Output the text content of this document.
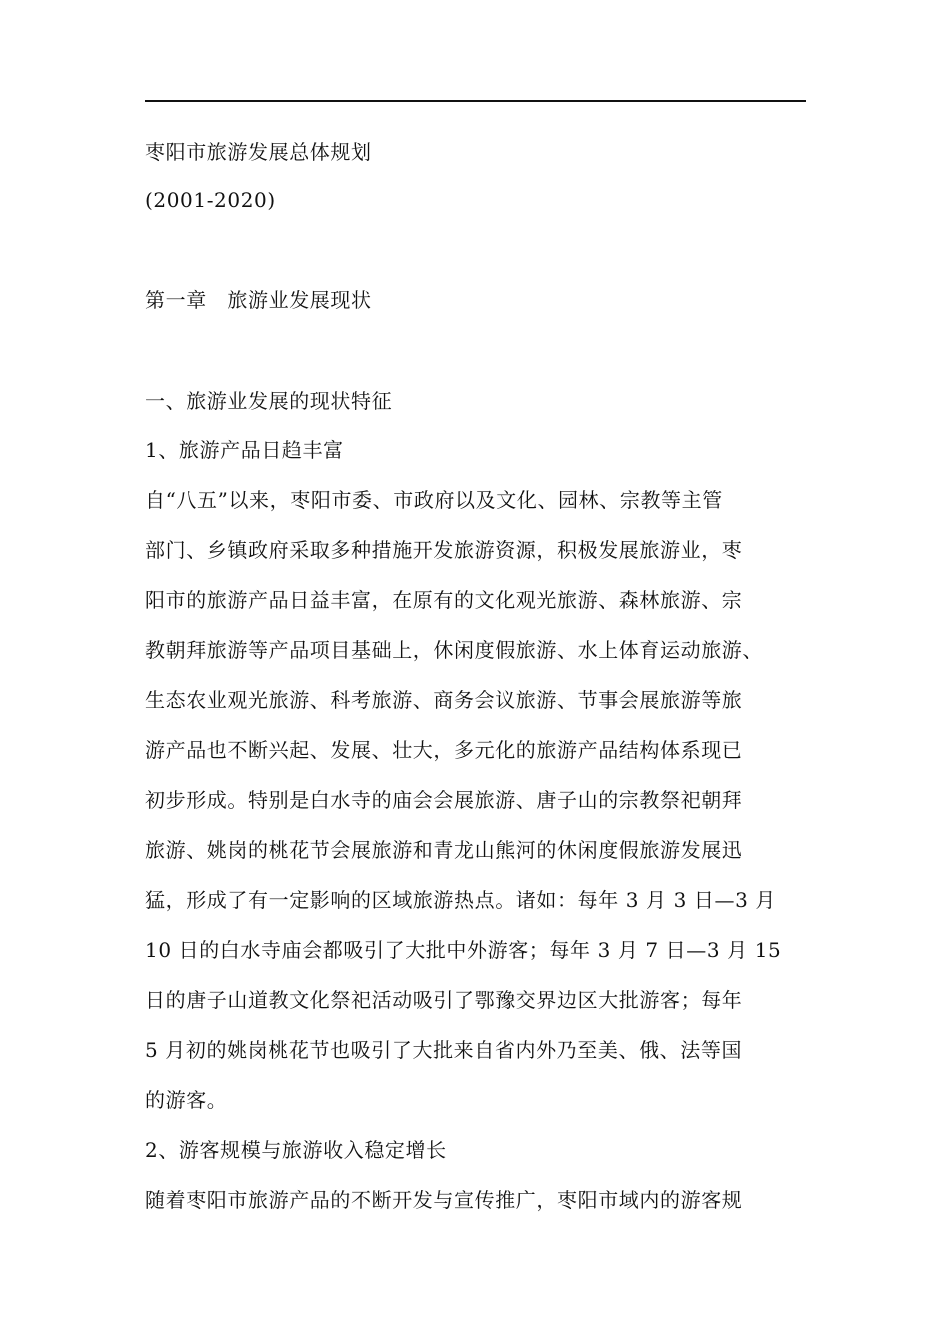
枣阳市旅游发展总体规划
(2001-2020)
第一章　旅游业发展现状
一、旅游业发展的现状特征
1、旅游产品日趋丰富
自“八五”以来，枣阳市委、市政府以及文化、园林、宗教等主管
部门、乡镇政府采取多种措施开发旅游资源，积极发展旅游业，枣
阳市的旅游产品日益丰富，在原有的文化观光旅游、森林旅游、宗
教朝拜旅游等产品项目基础上，休闲度假旅游、水上体育运动旅游、
生态农业观光旅游、科考旅游、商务会议旅游、节事会展旅游等旅
游产品也不断兴起、发展、壮大，多元化的旅游产品结构体系现已
初步形成。特别是白水寺的庙会会展旅游、唐子山的宗教祭祀朝拜
旅游、姚岗的桃花节会展旅游和青龙山熊河的休闲度假旅游发展迅
猛，形成了有一定影响的区域旅游热点。诸如：每年 3 月 3 日—3 月
10 日的白水寺庙会都吸引了大批中外游客；每年 3 月 7 日—3 月 15
日的唐子山道教文化祭祀活动吸引了鄂豫交界边区大批游客；每年
5 月初的姚岗桃花节也吸引了大批来自省内外乃至美、俄、法等国
的游客。
2、游客规模与旅游收入稳定增长
随着枣阳市旅游产品的不断开发与宣传推广，枣阳市域内的游客规
